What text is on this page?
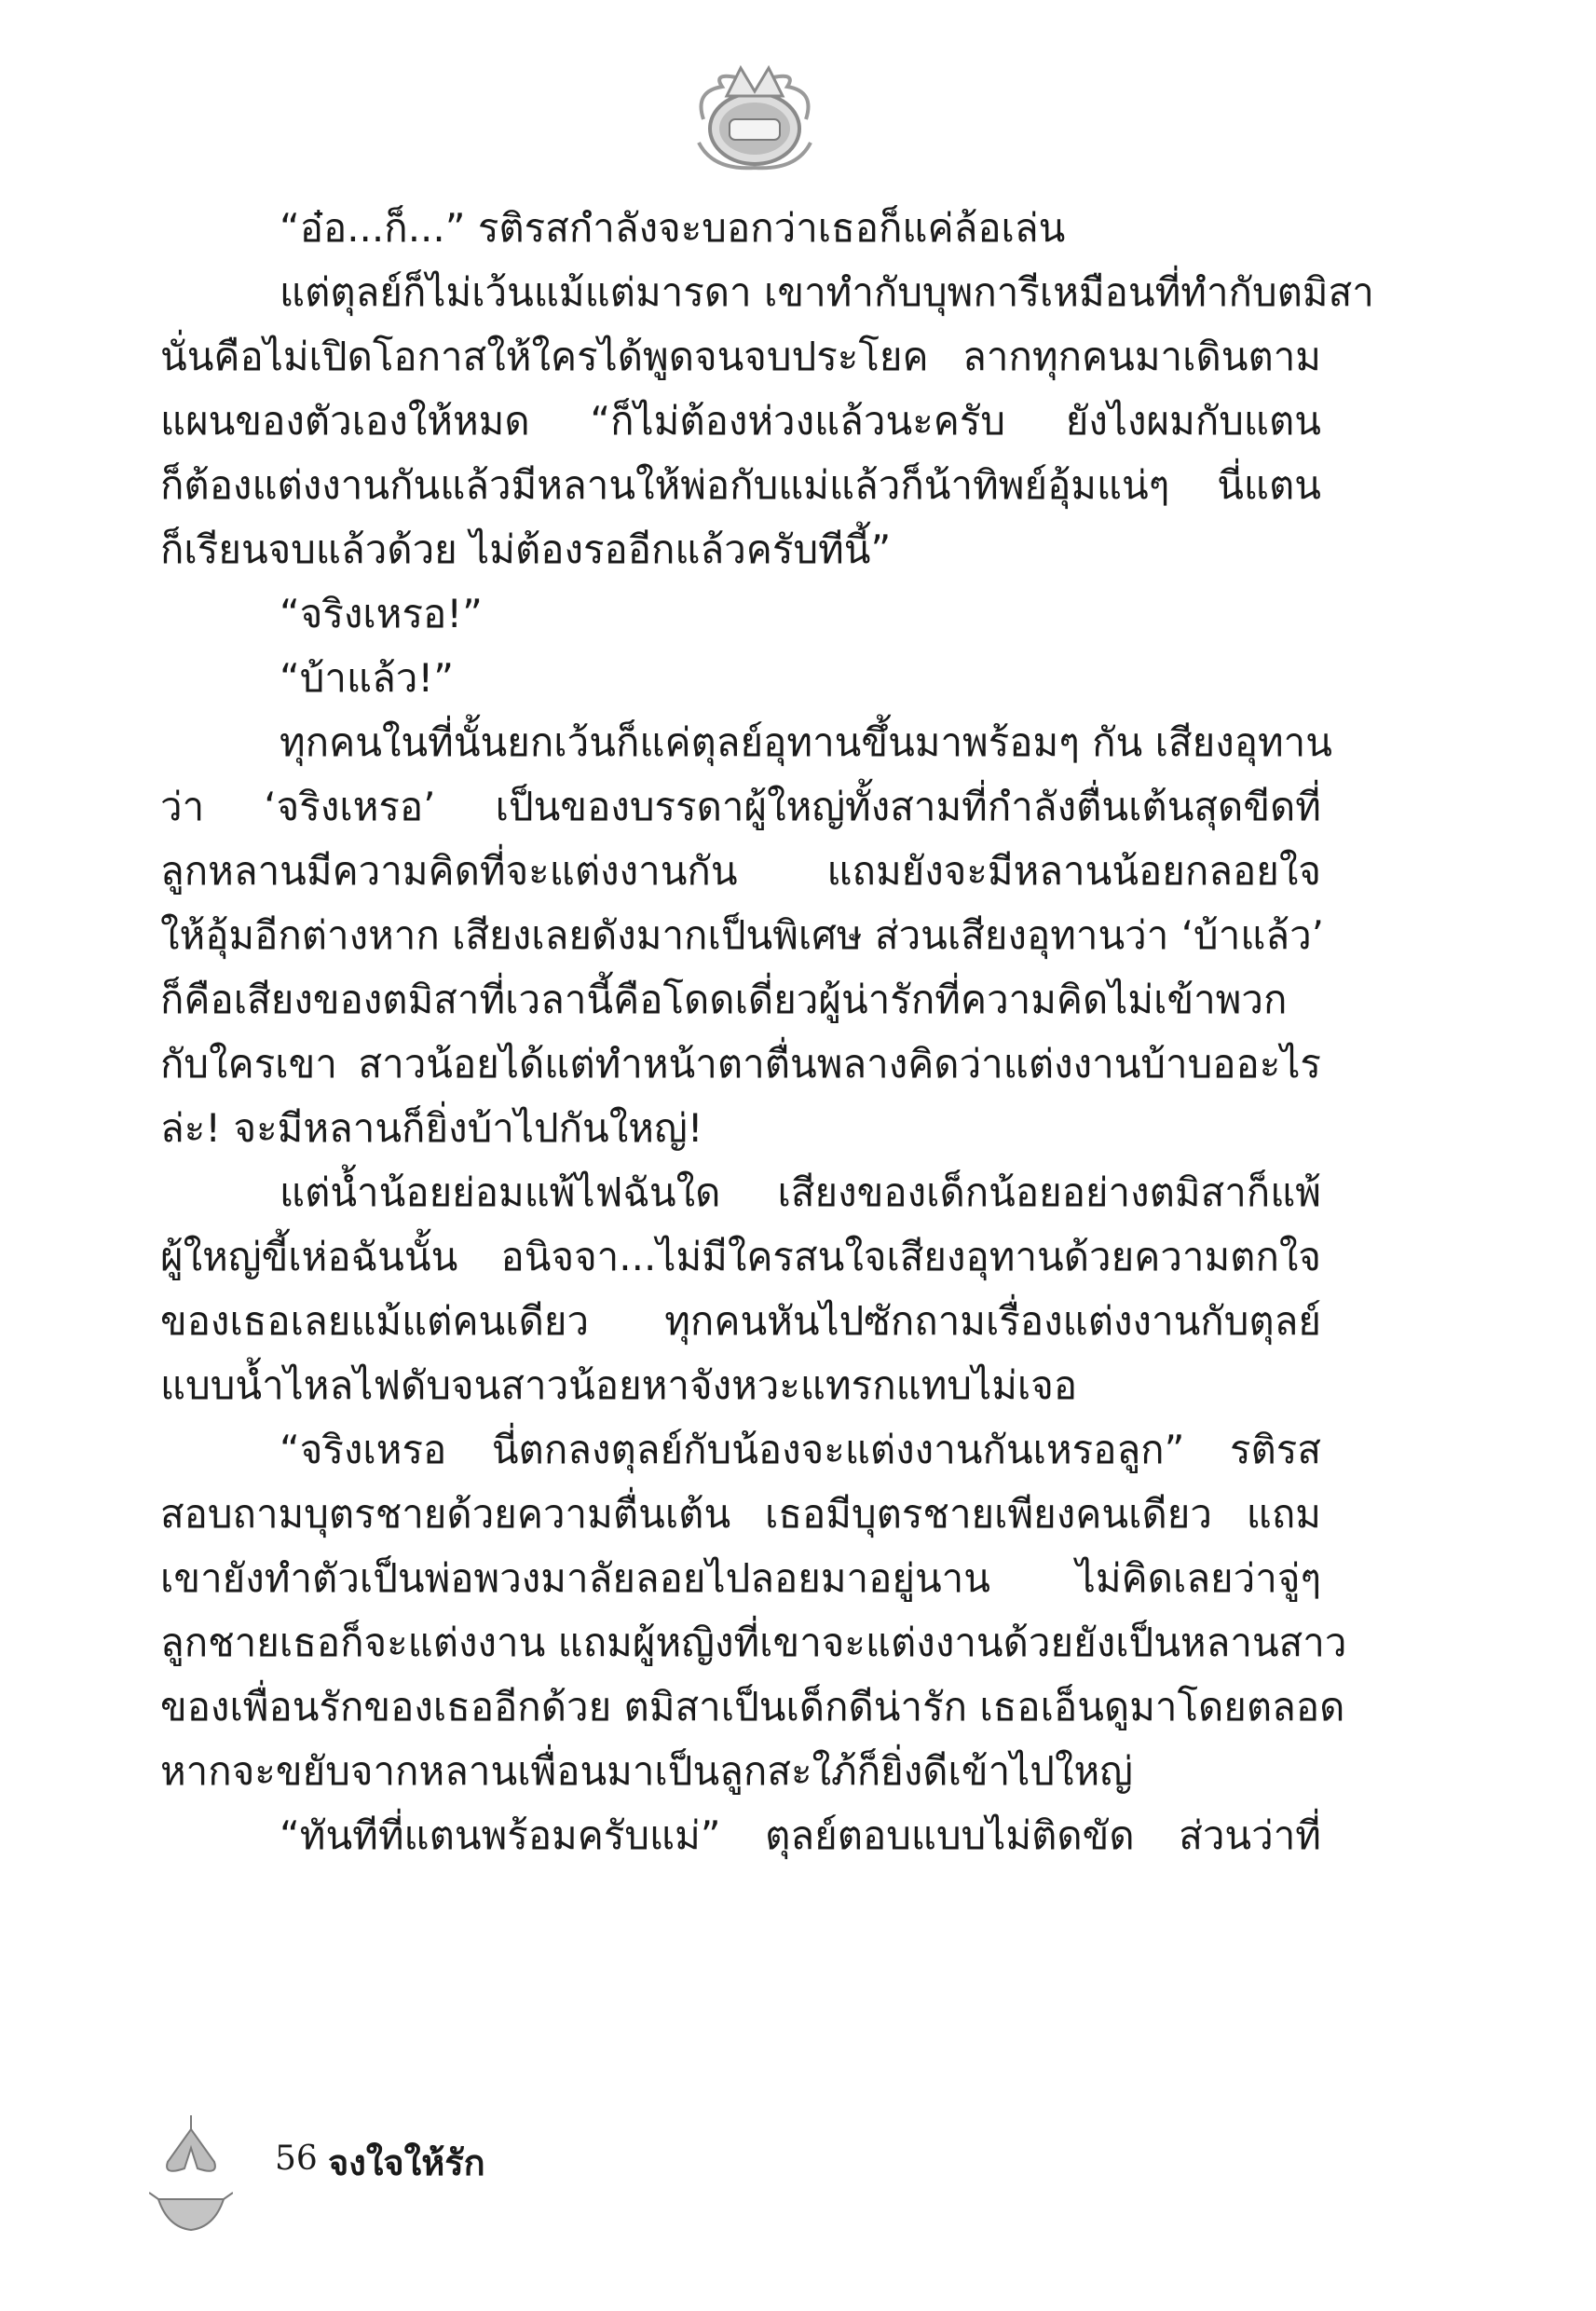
“อ๋อ...ก็...” รติรสกำลังจะบอกว่าเธอก็แค่ล้อเล่น
แต่ตุลย์ก็ไม่เว้นแม้แต่มารดา เขาทำกับบุพการีเหมือนที่ทำกับตมิสา
นั่นคือไม่เปิดโอกาสให้ใครได้พูดจนจบประโยค ลากทุกคนมาเดินตาม
แผนของตัวเองให้หมด “ก็ไม่ต้องห่วงแล้วนะครับ ยังไงผมกับแตน
ก็ต้องแต่งงานกันแล้วมีหลานให้พ่อกับแม่แล้วก็น้าทิพย์อุ้มแน่ๆ นี่แตน
ก็เรียนจบแล้วด้วย ไม่ต้องรออีกแล้วครับทีนี้”
“จริงเหรอ!”
“บ้าแล้ว!”
ทุกคนในที่นั้นยกเว้นก็แค่ตุลย์อุทานขึ้นมาพร้อมๆ กัน เสียงอุทาน
ว่า ‘จริงเหรอ’ เป็นของบรรดาผู้ใหญ่ทั้งสามที่กำลังตื่นเต้นสุดขีดที่
ลูกหลานมีความคิดที่จะแต่งงานกัน แถมยังจะมีหลานน้อยกลอยใจ
ให้อุ้มอีกต่างหาก เสียงเลยดังมากเป็นพิเศษ ส่วนเสียงอุทานว่า ‘บ้าแล้ว’
ก็คือเสียงของตมิสาที่เวลานี้คือโดดเดี่ยวผู้น่ารักที่ความคิดไม่เข้าพวก
กับใครเขา สาวน้อยได้แต่ทำหน้าตาตื่นพลางคิดว่าแต่งงานบ้าบออะไร
ล่ะ! จะมีหลานก็ยิ่งบ้าไปกันใหญ่!
แต่น้ำน้อยย่อมแพ้ไฟฉันใด เสียงของเด็กน้อยอย่างตมิสาก็แพ้
ผู้ใหญ่ขี้เห่อฉันนั้น อนิจจา...ไม่มีใครสนใจเสียงอุทานด้วยความตกใจ
ของเธอเลยแม้แต่คนเดียว ทุกคนหันไปซักถามเรื่องแต่งงานกับตุลย์
แบบน้ำไหลไฟดับจนสาวน้อยหาจังหวะแทรกแทบไม่เจอ
“จริงเหรอ นี่ตกลงตุลย์กับน้องจะแต่งงานกันเหรอลูก” รติรส
สอบถามบุตรชายด้วยความตื่นเต้น เธอมีบุตรชายเพียงคนเดียว แถม
เขายังทำตัวเป็นพ่อพวงมาลัยลอยไปลอยมาอยู่นาน ไม่คิดเลยว่าจู่ๆ
ลูกชายเธอก็จะแต่งงาน แถมผู้หญิงที่เขาจะแต่งงานด้วยยังเป็นหลานสาว
ของเพื่อนรักของเธออีกด้วย ตมิสาเป็นเด็กดีน่ารัก เธอเอ็นดูมาโดยตลอด
หากจะขยับจากหลานเพื่อนมาเป็นลูกสะใภ้ก็ยิ่งดีเข้าไปใหญ่
“ทันทีที่แตนพร้อมครับแม่” ตุลย์ตอบแบบไม่ติดขัด ส่วนว่าที่
56 จงใจให้รัก
